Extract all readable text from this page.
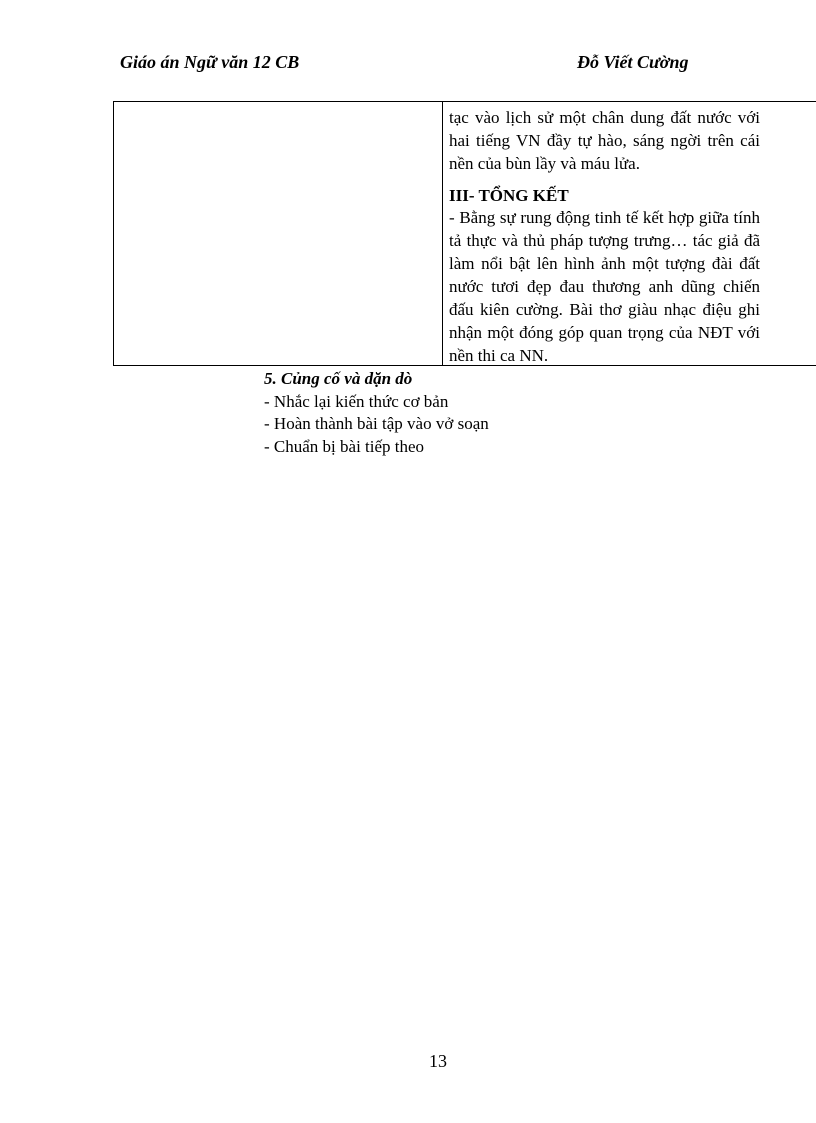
Giáo án Ngữ văn 12 CB	Đỗ Viết Cường
tạc vào lịch sử một chân dung đất nước với hai tiếng VN đầy tự hào, sáng ngời trên cái nền của bùn lầy và máu lửa.
III- TỔNG KẾT
- Bằng sự rung động tinh tế kết hợp giữa tính tả thực và thủ pháp tượng trưng… tác giả đã làm nổi bật lên hình ảnh một tượng đài đất nước tươi đẹp đau thương anh dũng chiến đấu kiên cường. Bài thơ giàu nhạc điệu ghi nhận một đóng góp quan trọng của NĐT với nền thi ca NN.
5. Củng cố và dặn dò
- Nhắc lại kiến thức cơ bản
- Hoàn thành bài tập vào vở soạn
- Chuẩn bị bài tiếp theo
13
